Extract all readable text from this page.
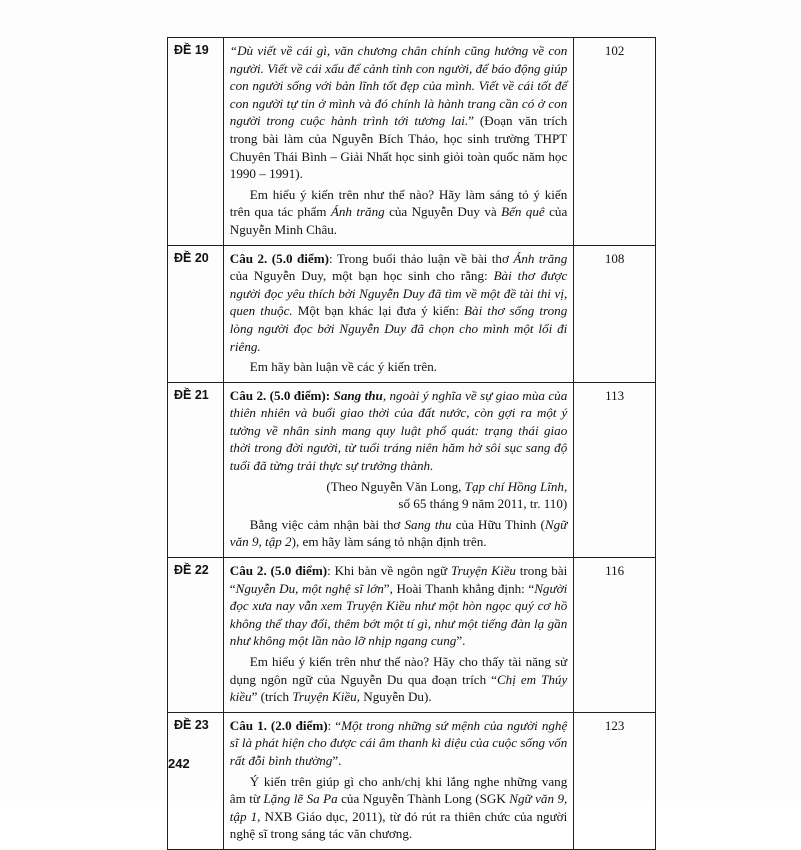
ĐỀ 19	“Dù viết về cái gì, văn chương chân chính cũng hướng về con người. Viết về cái xấu để cảnh tỉnh con người, để báo động giúp con người sống với bản lĩnh tốt đẹp của mình. Viết về cái tốt để con người tự tin ở mình và đó chính là hành trang cần có ở con người trong cuộc hành trình tới tương lai.” (Đoạn văn trích trong bài làm của Nguyễn Bích Thảo, học sinh trường THPT Chuyên Thái Bình – Giải Nhất học sinh giỏi toàn quốc năm học 1990 – 1991).

Em hiểu ý kiến trên như thế nào? Hãy làm sáng tỏ ý kiến trên qua tác phẩm Ánh trăng của Nguyễn Duy và Bến quê của Nguyễn Minh Châu.	102
ĐỀ 20	Câu 2. (5.0 điểm): Trong buổi thảo luận về bài thơ Ánh trăng của Nguyễn Duy, một bạn học sinh cho rằng: Bài thơ được người đọc yêu thích bởi Nguyễn Duy đã tìm về một đề tài thi vị, quen thuộc. Một bạn khác lại đưa ý kiến: Bài thơ sống trong lòng người đọc bởi Nguyễn Duy đã chọn cho mình một lối đi riêng.

Em hãy bàn luận về các ý kiến trên.	108
ĐỀ 21	Câu 2. (5.0 điểm): Sang thu, ngoài ý nghĩa về sự giao mùa của thiên nhiên và buổi giao thời của đất nước, còn gợi ra một ý tưởng về nhân sinh mang quy luật phổ quát: trạng thái giao thời trong đời người, từ tuổi tráng niên hăm hở sôi sục sang độ tuổi đã từng trải thực sự trưởng thành.

(Theo Nguyễn Văn Long, Tạp chí Hồng Lĩnh,

số 65 tháng 9 năm 2011, tr. 110)

Bằng việc cảm nhận bài thơ Sang thu của Hữu Thỉnh (Ngữ văn 9, tập 2), em hãy làm sáng tỏ nhận định trên.	113
ĐỀ 22	Câu 2. (5.0 điểm): Khi bàn về ngôn ngữ Truyện Kiều trong bài “Nguyễn Du, một nghệ sĩ lớn”, Hoài Thanh khẳng định: “Người đọc xưa nay vẫn xem Truyện Kiều như một hòn ngọc quý cơ hồ không thể thay đổi, thêm bớt một tí gì, như một tiếng đàn lạ gần như không một lần nào lỡ nhịp ngang cung”.

Em hiểu ý kiến trên như thế nào? Hãy cho thấy tài năng sử dụng ngôn ngữ của Nguyễn Du qua đoạn trích “Chị em Thúy kiều” (trích Truyện Kiều, Nguyễn Du).	116
ĐỀ 23	Câu 1. (2.0 điểm): “Một trong những sứ mệnh của người nghệ sĩ là phát hiện cho được cái âm thanh kì diệu của cuộc sống vốn rất đỗi bình thường”.

Ý kiến trên giúp gì cho anh/chị khi lắng nghe những vang âm từ Lặng lẽ Sa Pa của Nguyễn Thành Long (SGK Ngữ văn 9, tập 1, NXB Giáo dục, 2011), từ đó rút ra thiên chức của người nghệ sĩ trong sáng tác văn chương.	123
242
